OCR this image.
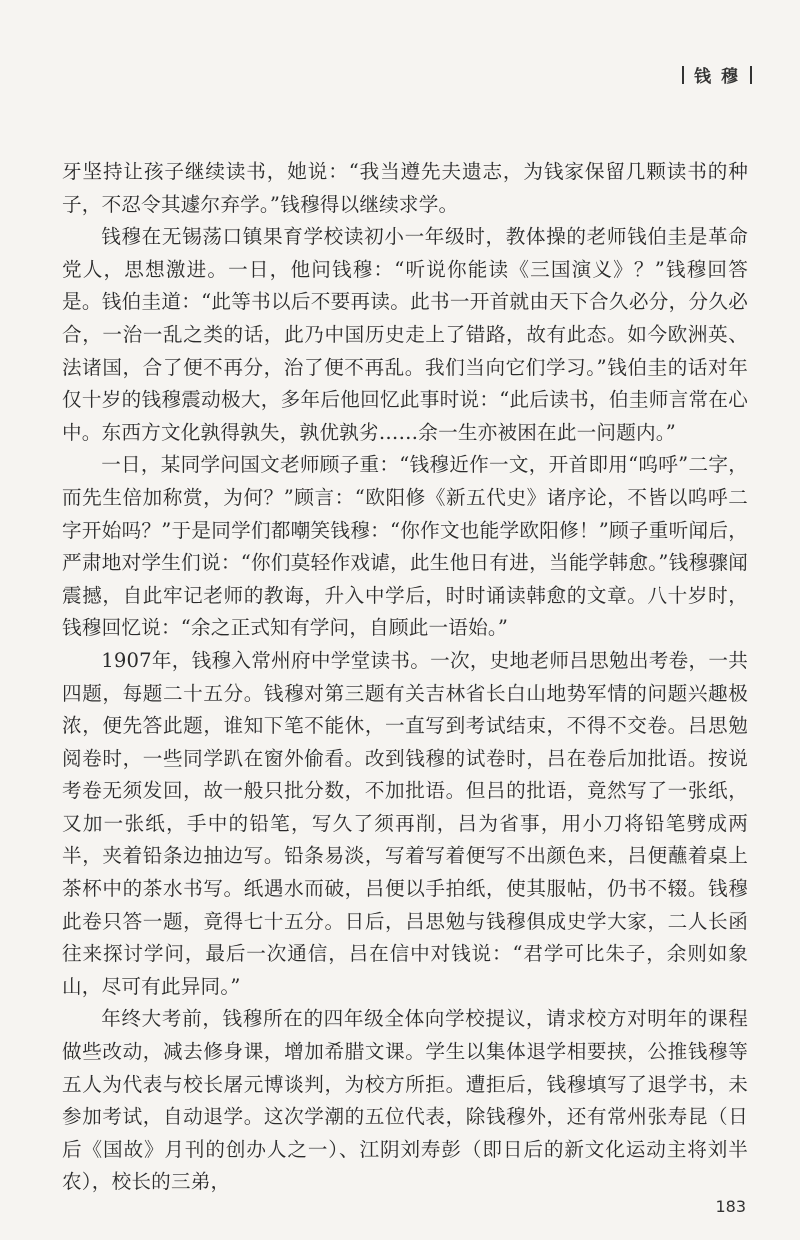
钱 穆

牙坚持让孩子继续读书，她说：“我当遵先夫遗志，为钱家保留几颗读书的种子，不忍令其遽尔弃学。”钱穆得以继续求学。

钱穆在无锡荡口镇果育学校读初小一年级时，教体操的老师钱伯圭是革命党人，思想激进。一日，他问钱穆：“听说你能读《三国演义》？”钱穆回答是。钱伯圭道：“此等书以后不要再读。此书一开首就由天下合久必分，分久必合，一治一乱之类的话，此乃中国历史走上了错路，故有此态。如今欧洲英、法诸国，合了便不再分，治了便不再乱。我们当向它们学习。”钱伯圭的话对年仅十岁的钱穆震动极大，多年后他回忆此事时说：“此后读书，伯圭师言常在心中。东西方文化孰得孰失，孰优孰劣……余一生亦被困在此一问题内。”

一日，某同学问国文老师顾子重：“钱穆近作一文，开首即用“呜呼”二字，而先生倍加称赏，为何？”顾言：“欧阳修《新五代史》诸序论，不皆以呜呼二字开始吗？”于是同学们都嘲笑钱穆：“你作文也能学欧阳修！”顾子重听闻后，严肃地对学生们说：“你们莫轻作戏谑，此生他日有进，当能学韩愈。”钱穆骤闻震撼，自此牢记老师的教诲，升入中学后，时时诵读韩愈的文章。八十岁时，钱穆回忆说：“余之正式知有学问，自顾此一语始。”

1907年，钱穆入常州府中学堂读书。一次，史地老师吕思勉出考卷，一共四题，每题二十五分。钱穆对第三题有关吉林省长白山地势军情的问题兴趣极浓，便先答此题，谁知下笔不能休，一直写到考试结束，不得不交卷。吕思勉阅卷时，一些同学趴在窗外偷看。改到钱穆的试卷时，吕在卷后加批语。按说考卷无须发回，故一般只批分数，不加批语。但吕的批语，竟然写了一张纸，又加一张纸，手中的铅笔，写久了须再削，吕为省事，用小刀将铅笔劈成两半，夹着铅条边抽边写。铅条易淡，写着写着便写不出颜色来，吕便蘸着桌上茶杯中的茶水书写。纸遇水而破，吕便以手拍纸，使其服帖，仍书不辍。钱穆此卷只答一题，竟得七十五分。日后，吕思勉与钱穆俱成史学大家，二人长函往来探讨学问，最后一次通信，吕在信中对钱说：“君学可比朱子，余则如象山，尽可有此异同。”

年终大考前，钱穆所在的四年级全体向学校提议，请求校方对明年的课程做些改动，减去修身课，增加希腊文课。学生以集体退学相要挟，公推钱穆等五人为代表与校长屠元博谈判，为校方所拒。遭拒后，钱穆填写了退学书，未参加考试，自动退学。这次学潮的五位代表，除钱穆外，还有常州张寿昆（日后《国故》月刊的创办人之一）、江阴刘寿彭（即日后的新文化运动主将刘半农），校长的三弟，

183
